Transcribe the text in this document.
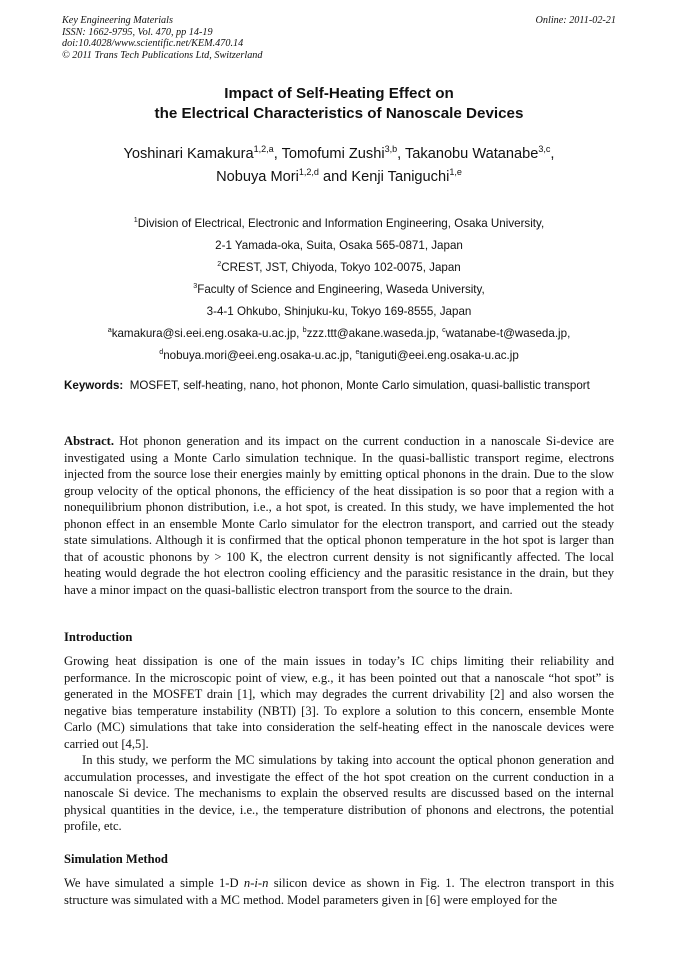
Key Engineering Materials
ISSN: 1662-9795, Vol. 470, pp 14-19
doi:10.4028/www.scientific.net/KEM.470.14
© 2011 Trans Tech Publications Ltd, Switzerland
Online: 2011-02-21
Impact of Self-Heating Effect on
the Electrical Characteristics of Nanoscale Devices
Yoshinari Kamakura$^{1,2,a}$, Tomofumi Zushi$^{3,b}$, Takanobu Watanabe$^{3,c}$,
Nobuya Mori$^{1,2,d}$ and Kenji Taniguchi$^{1,e}$
$^1$Division of Electrical, Electronic and Information Engineering, Osaka University,
2-1 Yamada-oka, Suita, Osaka 565-0871, Japan
$^2$CREST, JST, Chiyoda, Tokyo 102-0075, Japan
$^3$Faculty of Science and Engineering, Waseda University,
3-4-1 Ohkubo, Shinjuku-ku, Tokyo 169-8555, Japan
$^a$kamakura@si.eei.eng.osaka-u.ac.jp, $^b$zzz.ttt@akane.waseda.jp, $^c$watanabe-t@waseda.jp,
$^d$nobuya.mori@eei.eng.osaka-u.ac.jp, $^e$taniguti@eei.eng.osaka-u.ac.jp
Keywords: MOSFET, self-heating, nano, hot phonon, Monte Carlo simulation, quasi-ballistic transport
Abstract. Hot phonon generation and its impact on the current conduction in a nanoscale Si-device are investigated using a Monte Carlo simulation technique. In the quasi-ballistic transport regime, electrons injected from the source lose their energies mainly by emitting optical phonons in the drain. Due to the slow group velocity of the optical phonons, the efficiency of the heat dissipation is so poor that a region with a nonequilibrium phonon distribution, i.e., a hot spot, is created. In this study, we have implemented the hot phonon effect in an ensemble Monte Carlo simulator for the electron transport, and carried out the steady state simulations. Although it is confirmed that the optical phonon temperature in the hot spot is larger than that of acoustic phonons by > 100 K, the electron current density is not significantly affected. The local heating would degrade the hot electron cooling efficiency and the parasitic resistance in the drain, but they have a minor impact on the quasi-ballistic electron transport from the source to the drain.
Introduction
Growing heat dissipation is one of the main issues in today’s IC chips limiting their reliability and performance. In the microscopic point of view, e.g., it has been pointed out that a nanoscale “hot spot” is generated in the MOSFET drain [1], which may degrades the current drivability [2] and also worsen the negative bias temperature instability (NBTI) [3]. To explore a solution to this concern, ensemble Monte Carlo (MC) simulations that take into consideration the self-heating effect in the nanoscale devices were carried out [4,5].
In this study, we perform the MC simulations by taking into account the optical phonon generation and accumulation processes, and investigate the effect of the hot spot creation on the current conduction in a nanoscale Si device. The mechanisms to explain the observed results are discussed based on the internal physical quantities in the device, i.e., the temperature distribution of phonons and electrons, the potential profile, etc.
Simulation Method
We have simulated a simple 1-D n-i-n silicon device as shown in Fig. 1. The electron transport in this structure was simulated with a MC method. Model parameters given in [6] were employed for the
